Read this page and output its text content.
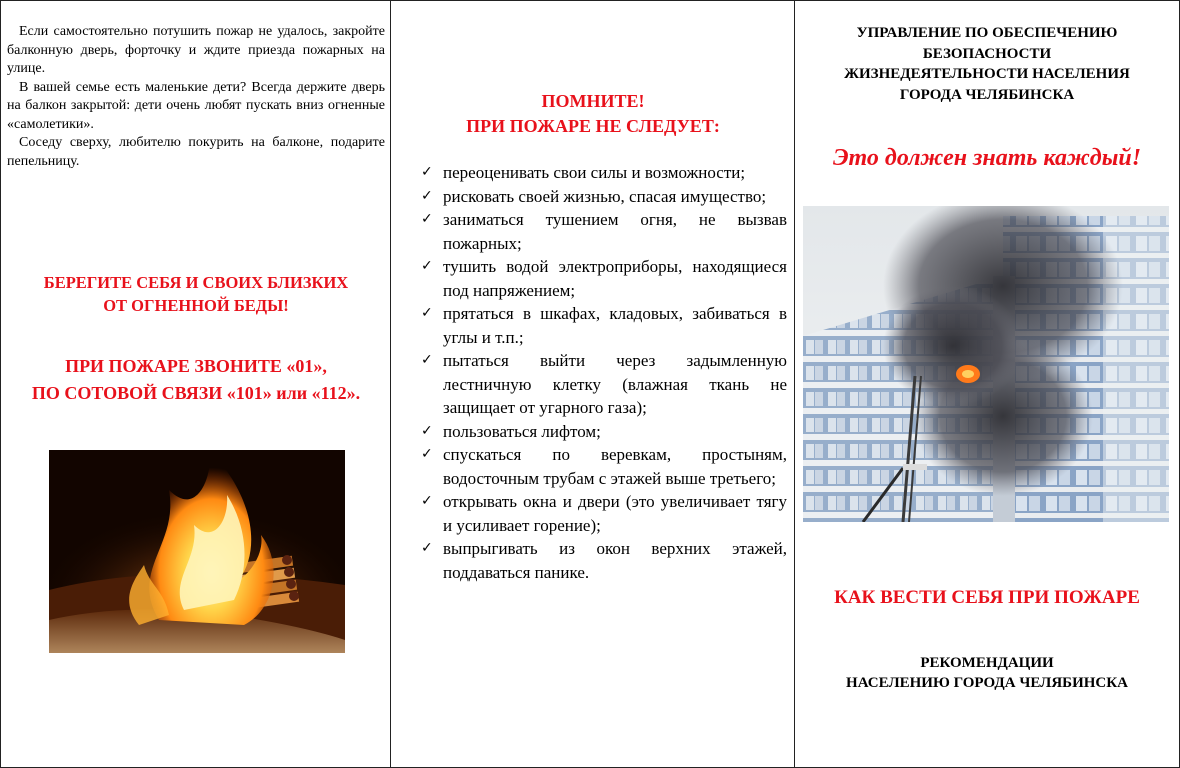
Если самостоятельно потушить пожар не удалось, закройте балконную дверь, форточку и ждите приезда пожарных на улице.

В вашей семье есть маленькие дети? Всегда держите дверь на балкон закрытой: дети очень любят пускать вниз огненные «самолетики».

Соседу сверху, любителю покурить на балконе, подарите пепельницу.

БЕРЕГИТЕ СЕБЯ И СВОИХ БЛИЗКИХ
ОТ ОГНЕННОЙ БЕДЫ!
ПРИ ПОЖАРЕ ЗВОНИТЕ «01»,
ПО СОТОВОЙ СВЯЗИ «101» или «112».
ПОМНИТЕ!
ПРИ ПОЖАРЕ НЕ СЛЕДУЕТ:
✓ переоценивать свои силы и возможности;
✓ рисковать своей жизнью, спасая имущество;
✓ заниматься тушением огня, не вызвав пожарных;
✓ тушить водой электроприборы, находящиеся под напряжением;
✓ прятаться в шкафах, кладовых, забиваться в углы и т.п.;
✓ пытаться выйти через задымленную лестничную клетку (влажная ткань не защищает от угарного газа);
✓ пользоваться лифтом;
✓ спускаться по веревкам, простыням, водосточным трубам с этажей выше третьего;
✓ открывать окна и двери (это увеличивает тягу и усиливает горение);
✓ выпрыгивать из окон верхних этажей, поддаваться панике.
УПРАВЛЕНИЕ ПО ОБЕСПЕЧЕНИЮ
БЕЗОПАСНОСТИ
ЖИЗНЕДЕЯТЕЛЬНОСТИ НАСЕЛЕНИЯ
ГОРОДА ЧЕЛЯБИНСКА
Это должен знать каждый!
КАК ВЕСТИ СЕБЯ ПРИ ПОЖАРЕ
РЕКОМЕНДАЦИИ
НАСЕЛЕНИЮ ГОРОДА ЧЕЛЯБИНСКА
